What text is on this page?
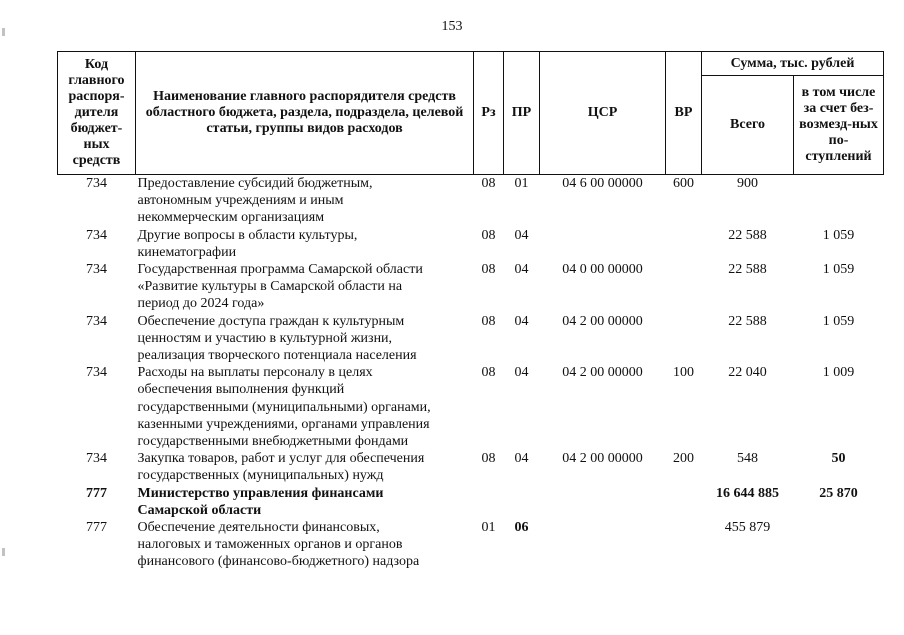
153
Код главного распоря-дителя бюджет-ных средств	Наименование главного распорядителя средств областного бюджета, раздела, подраздела, целевой статьи, группы видов расходов	Рз	ПР	ЦСР	ВР	Сумма, тыс. рублей	
						Всего	в том числе за счет без-возмезд-ных по-ступлений
734	Предоставление субсидий бюджетным,
автономным учреждениям и иным
некоммерческим организациям	08	01	04 6 00 00000	600	900	
734	Другие вопросы в области культуры,
кинематографии	08	04			22 588	1 059
734	Государственная программа Самарской области
«Развитие культуры в Самарской области на
период до 2024 года»	08	04	04 0 00 00000		22 588	1 059
734	Обеспечение доступа граждан к культурным
ценностям и участию в культурной жизни,
реализация творческого потенциала населения	08	04	04 2 00 00000		22 588	1 059
734	Расходы на выплаты персоналу в целях
обеспечения выполнения функций
государственными (муниципальными) органами,
казенными учреждениями, органами управления
государственными внебюджетными фондами	08	04	04 2 00 00000	100	22 040	1 009
734	Закупка товаров, работ и услуг для обеспечения
государственных (муниципальных) нужд	08	04	04 2 00 00000	200	548	50
777	Министерство управления финансами
Самарской области					16 644 885	25 870
777	Обеспечение деятельности финансовых,
налоговых и таможенных органов и органов
финансового (финансово-бюджетного) надзора	01	06			455 879	
